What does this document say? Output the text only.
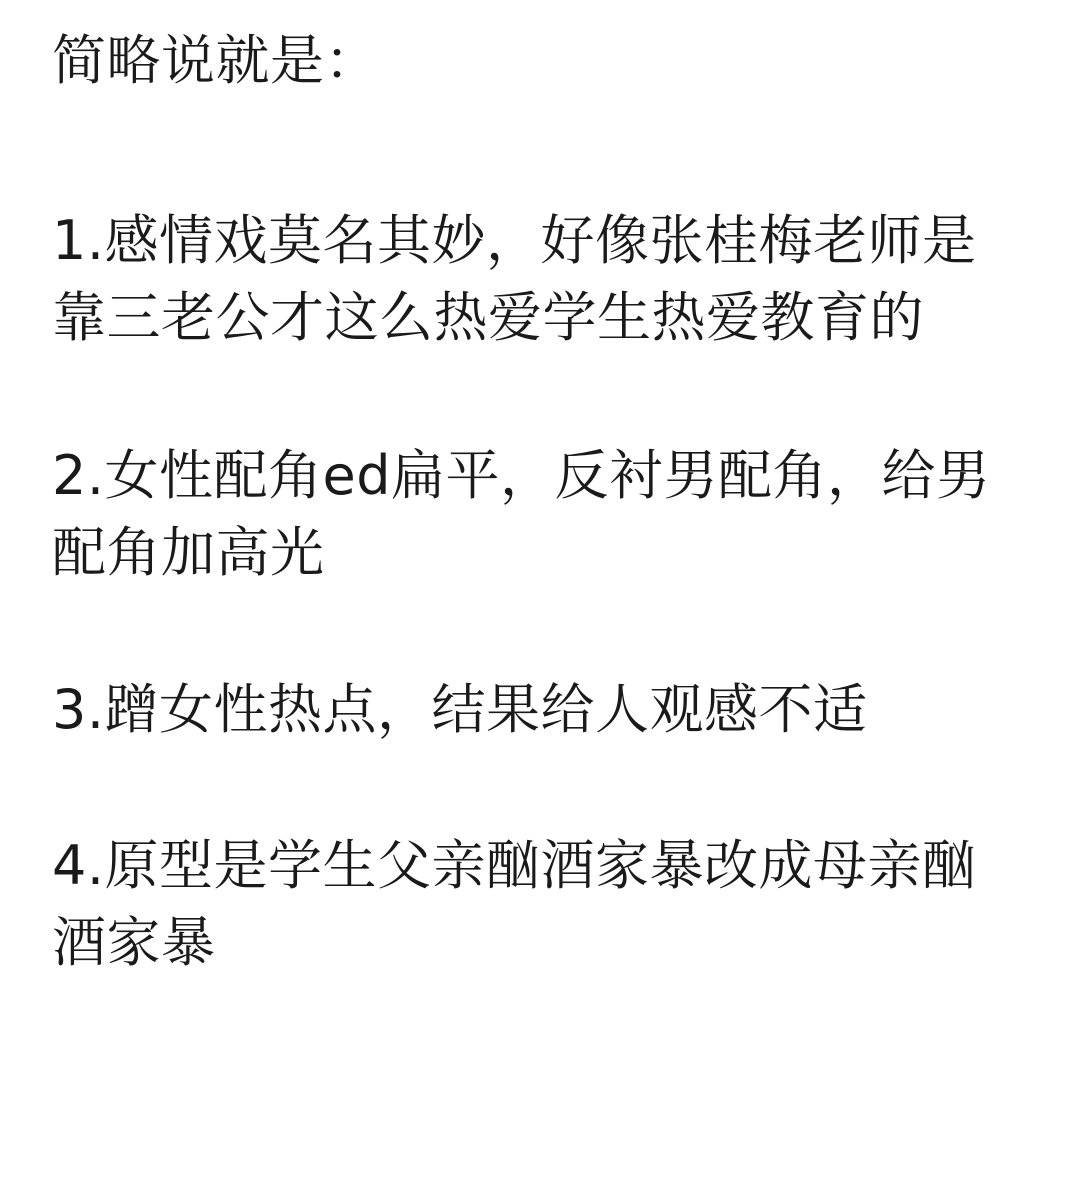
简略说就是：

1.感情戏莫名其妙，好像张桂梅老师是靠三老公才这么热爱学生热爱教育的

2.女性配角ed扁平，反衬男配角，给男配角加高光

3.蹭女性热点，结果给人观感不适

4.原型是学生父亲酗酒家暴改成母亲酗酒家暴
